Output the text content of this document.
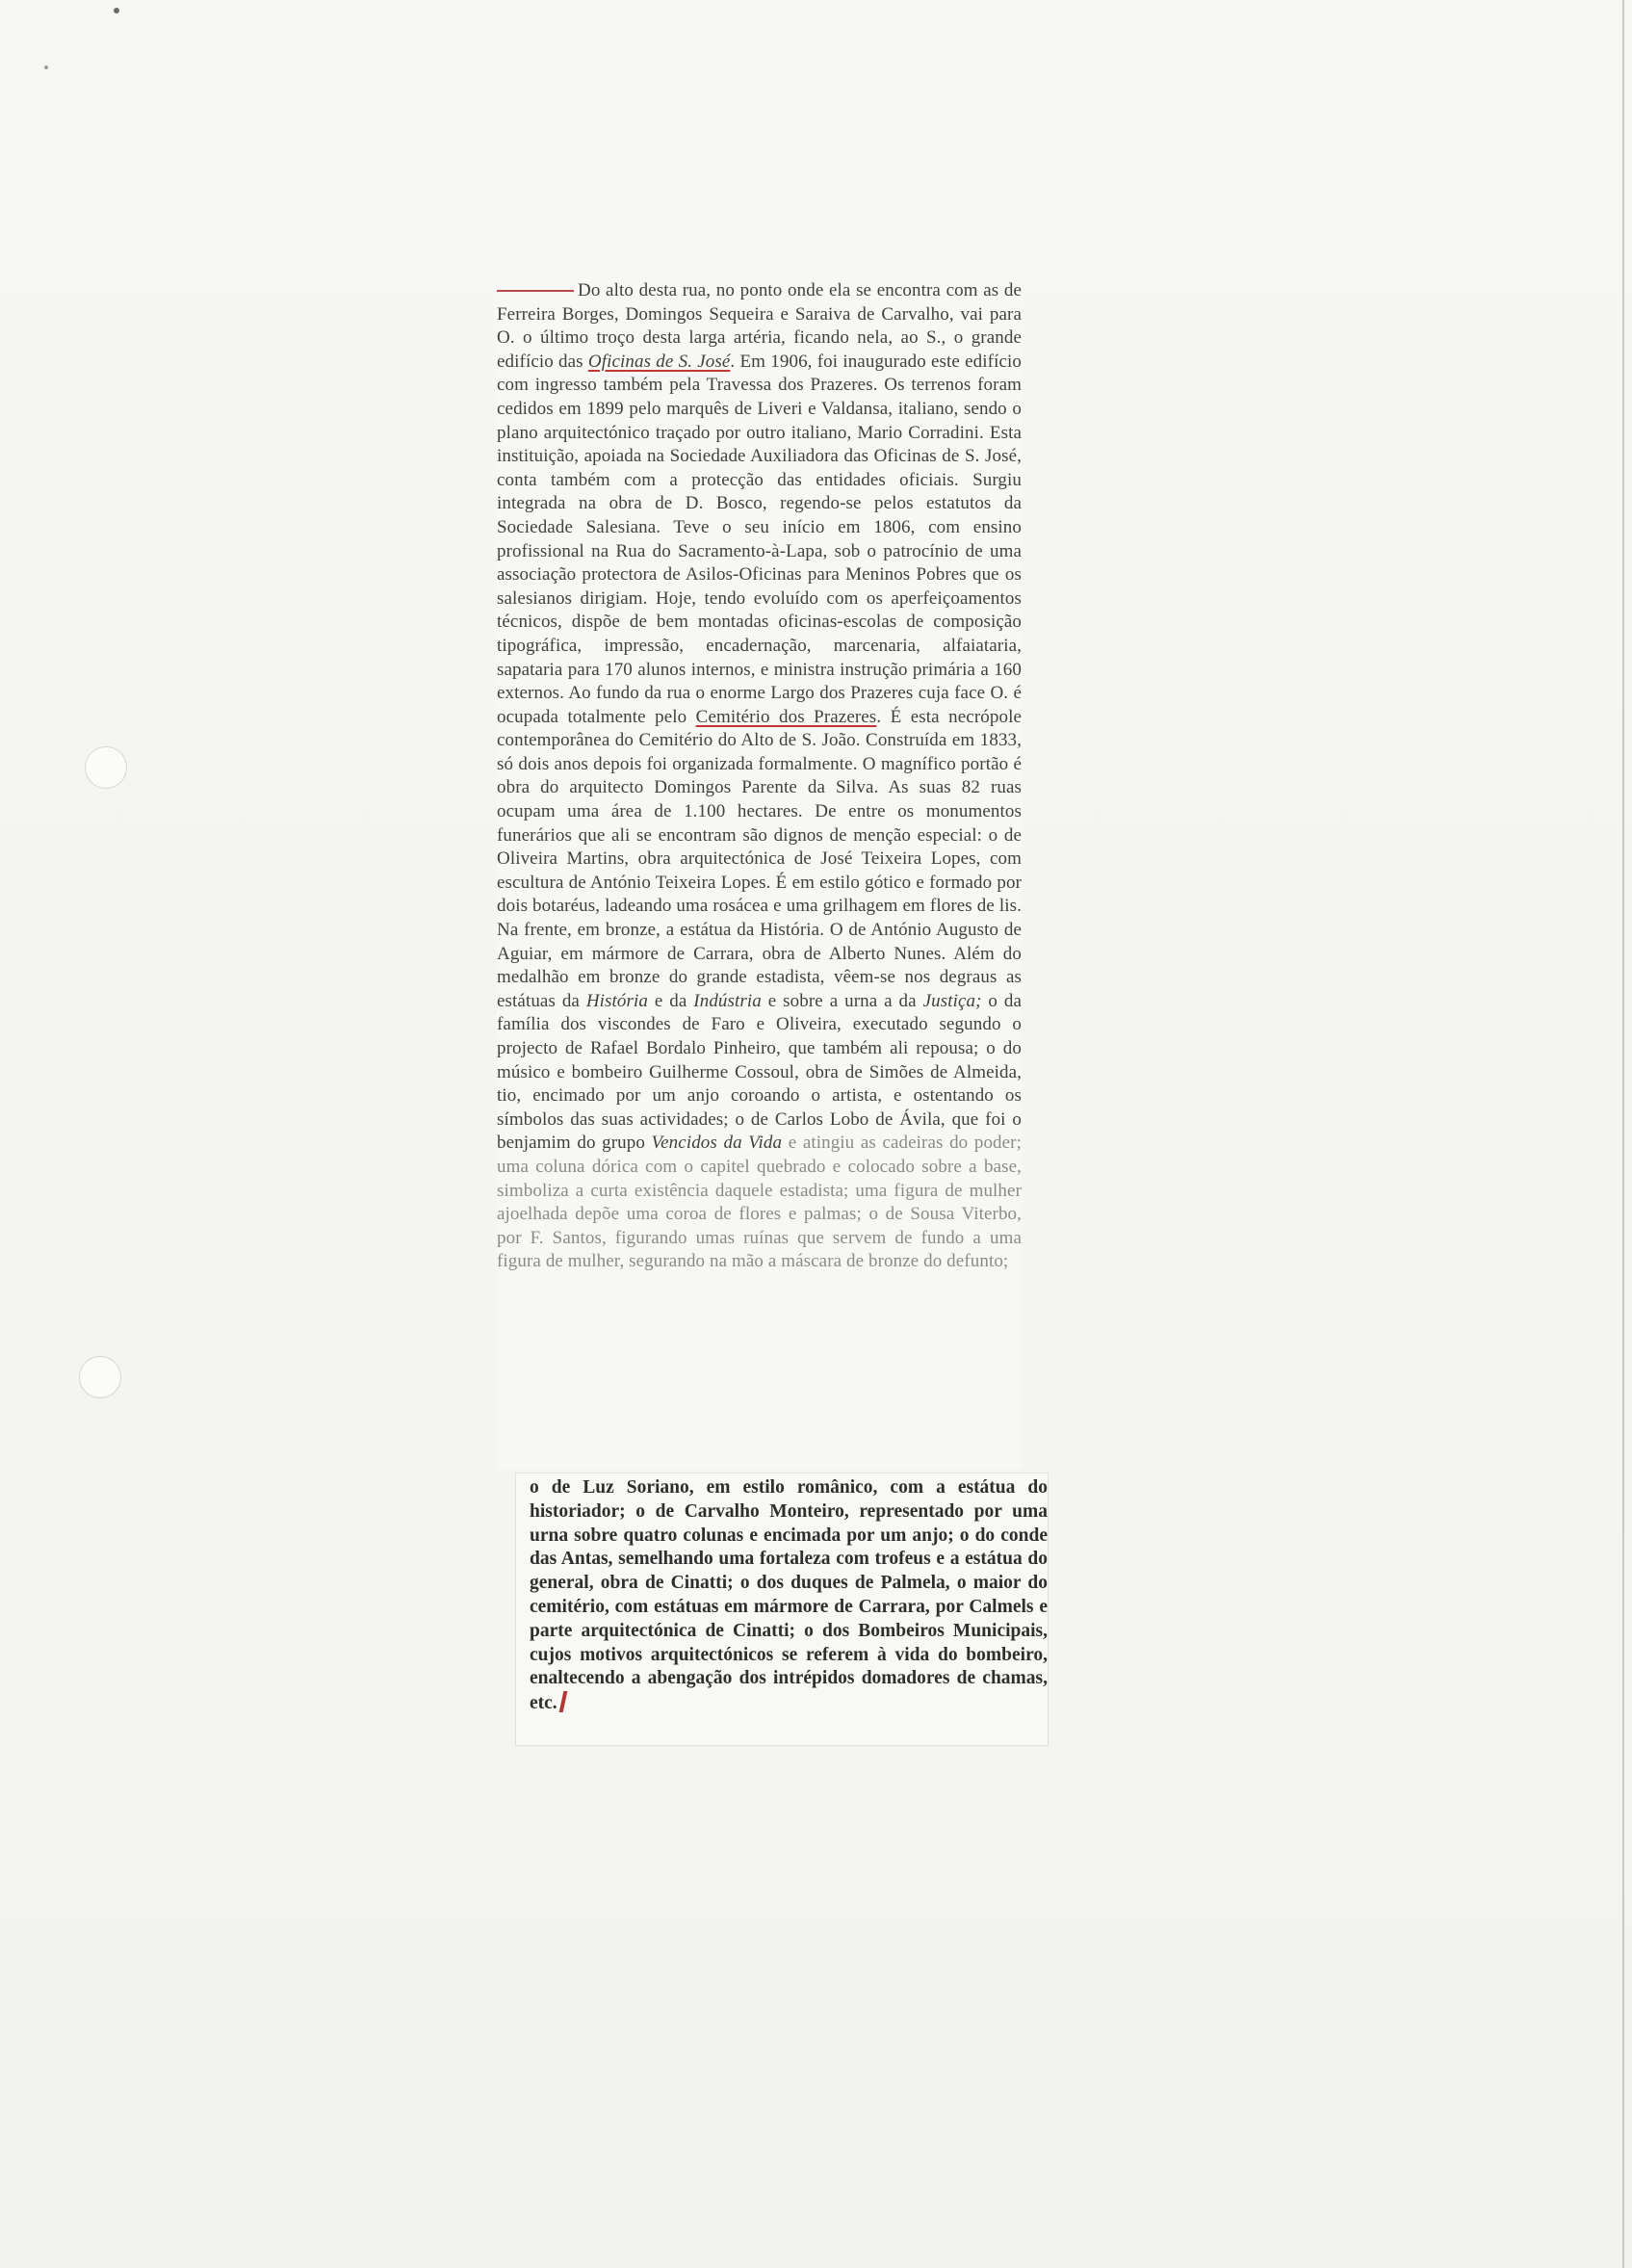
Do alto desta rua, no ponto onde ela se encontra com as de Ferreira Borges, Domingos Sequeira e Saraiva de Carvalho, vai para O. o último troço desta larga artéria, ficando nela, ao S., o grande edifício das Oficinas de S. José. Em 1906, foi inaugurado este edifício com ingresso também pela Travessa dos Prazeres. Os terrenos foram cedidos em 1899 pelo marquês de Liveri e Valdansa, italiano, sendo o plano arquitectónico traçado por outro italiano, Mario Corradini. Esta instituição, apoiada na Sociedade Auxiliadora das Oficinas de S. José, conta também com a protecção das entidades oficiais. Surgiu integrada na obra de D. Bosco, regendo-se pelos estatutos da Sociedade Salesiana. Teve o seu início em 1806, com ensino profissional na Rua do Sacramento-à-Lapa, sob o patrocínio de uma associação protectora de Asilos-Oficinas para Meninos Pobres que os salesianos dirigiam. Hoje, tendo evoluído com os aperfeiçoamentos técnicos, dispõe de bem montadas oficinas-escolas de composição tipográfica, impressão, encadernação, marcenaria, alfaiataria, sapataria para 170 alunos internos, e ministra instrução primária a 160 externos. Ao fundo da rua o enorme Largo dos Prazeres cuja face O. é ocupada totalmente pelo Cemitério dos Prazeres. É esta necrópole contemporânea do Cemitério do Alto de S. João. Construída em 1833, só dois anos depois foi organizada formalmente. O magnífico portão é obra do arquitecto Domingos Parente da Silva. As suas 82 ruas ocupam uma área de 1.100 hectares. De entre os monumentos funerários que ali se encontram são dignos de menção especial: o de Oliveira Martins, obra arquitectónica de José Teixeira Lopes, com escultura de António Teixeira Lopes. É em estilo gótico e formado por dois botaréus, ladeando uma rosácea e uma grilhagem em flores de lis. Na frente, em bronze, a estátua da História. O de António Augusto de Aguiar, em mármore de Carrara, obra de Alberto Nunes. Além do medalhão em bronze do grande estadista, vêem-se nos degraus as estátuas da História e da Indústria e sobre a urna a da Justiça; o da família dos viscondes de Faro e Oliveira, executado segundo o projecto de Rafael Bordalo Pinheiro, que também ali repousa; o do músico e bombeiro Guilherme Cossoul, obra de Simões de Almeida, tio, encimado por um anjo coroando o artista, e ostentando os símbolos das suas actividades; o de Carlos Lobo de Ávila, que foi o benjamim do grupo Vencidos da Vida e atingiu as cadeiras do poder; uma coluna dórica com o capitel quebrado e colocado sobre a base, simboliza a curta existência daquele estadista; uma figura de mulher ajoelhada depõe uma coroa de flores e palmas; o de Sousa Viterbo, por F. Santos, figurando umas ruínas que servem de fundo a uma figura de mulher, segurando na mão a máscara de bronze do defunto;
o de Luz Soriano, em estilo românico, com a estátua do historiador; o de Carvalho Monteiro, representado por uma urna sobre quatro colunas e encimada por um anjo; o do conde das Antas, semelhando uma fortaleza com trofeus e a estátua do general, obra de Cinatti; o dos duques de Palmela, o maior do cemitério, com estátuas em mármore de Carrara, por Calmels e parte arquitectónica de Cinatti; o dos Bombeiros Municipais, cujos motivos arquitectónicos se referem à vida do bombeiro, enaltecendo a abengação dos intrépidos domadores de chamas, etc.
